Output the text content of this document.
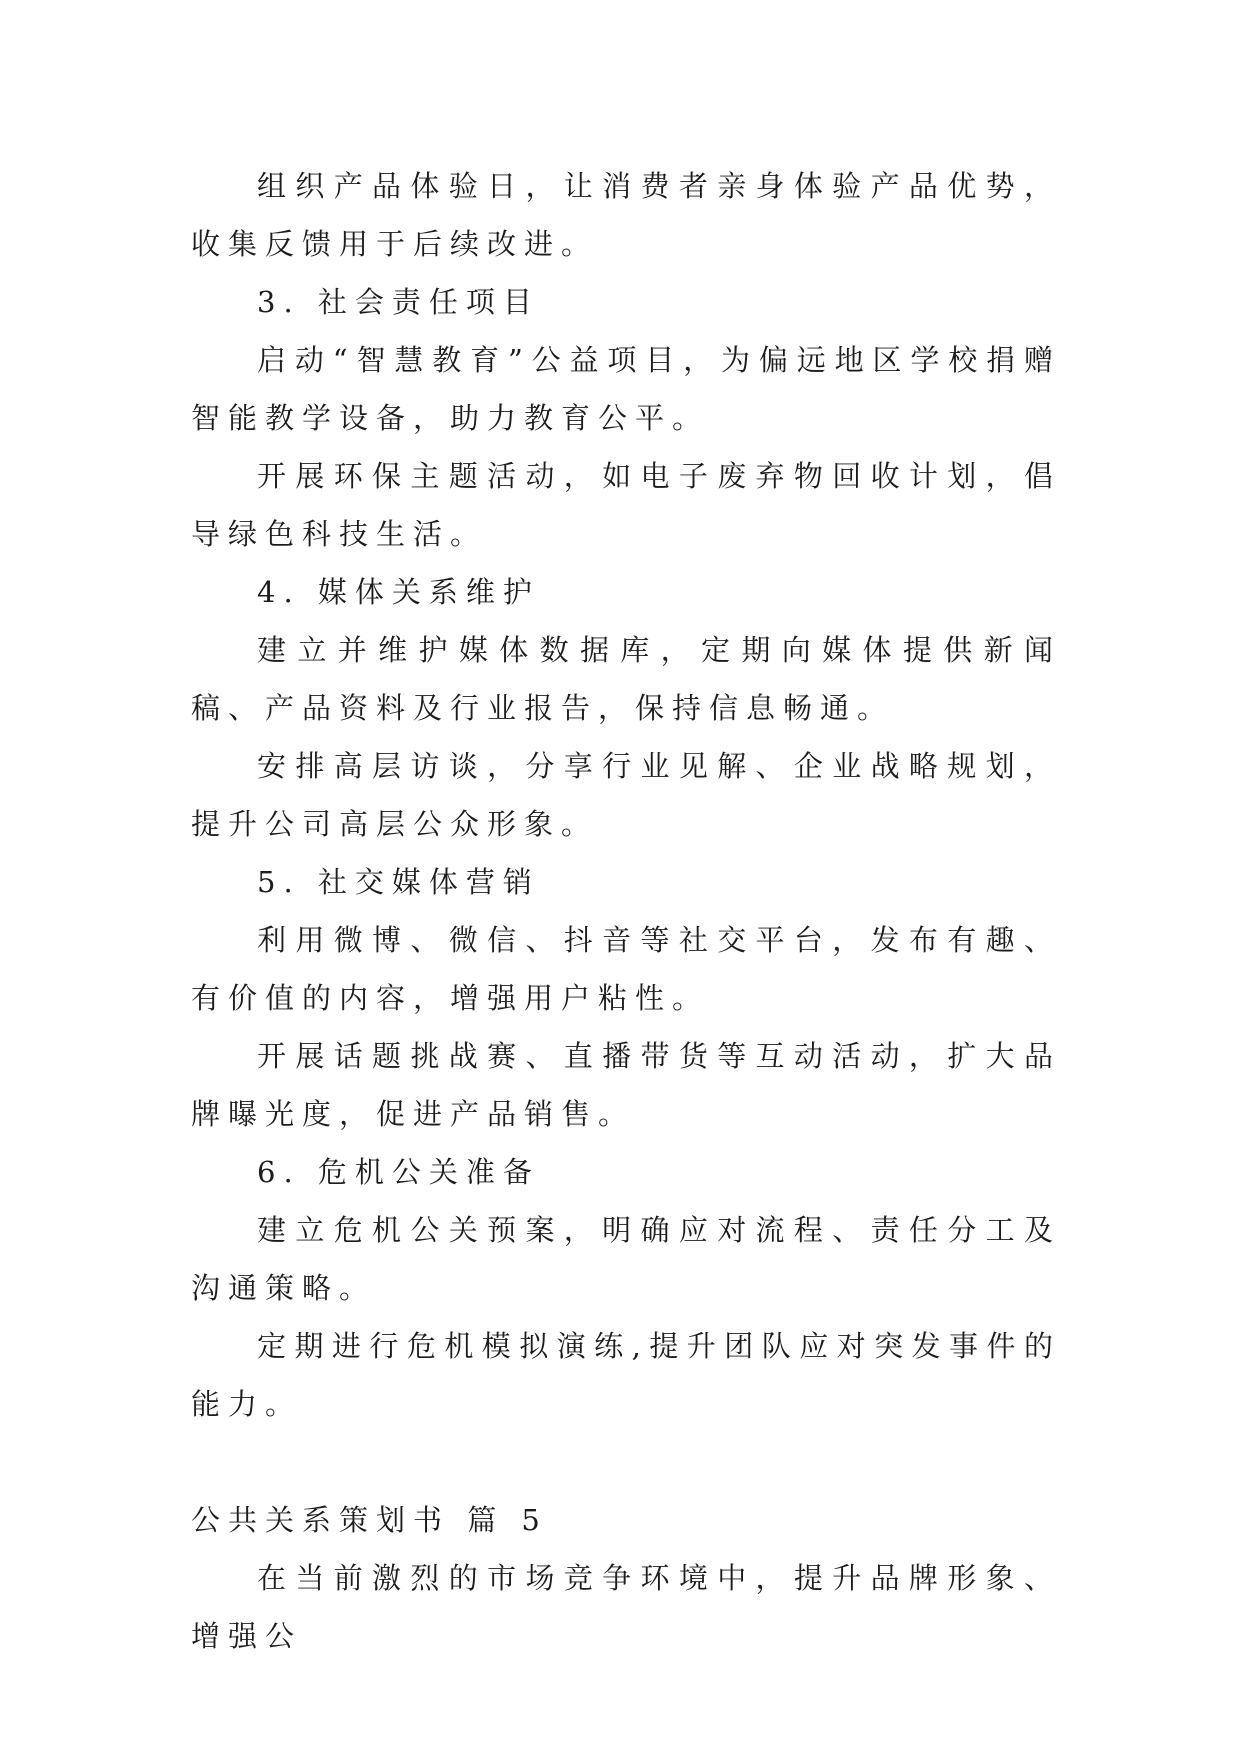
组织产品体验日，让消费者亲身体验产品优势，收集反馈用于后续改进。

3. 社会责任项目

启动“智慧教育”公益项目，为偏远地区学校捐赠智能教学设备，助力教育公平。

开展环保主题活动，如电子废弃物回收计划，倡导绿色科技生活。

4. 媒体关系维护

建立并维护媒体数据库，定期向媒体提供新闻稿、产品资料及行业报告，保持信息畅通。

安排高层访谈，分享行业见解、企业战略规划，提升公司高层公众形象。

5. 社交媒体营销

利用微博、微信、抖音等社交平台，发布有趣、有价值的内容，增强用户粘性。

开展话题挑战赛、直播带货等互动活动，扩大品牌曝光度，促进产品销售。

6. 危机公关准备

建立危机公关预案，明确应对流程、责任分工及沟通策略。

定期进行危机模拟演练,提升团队应对突发事件的能力。

公共关系策划书 篇 5

在当前激烈的市场竞争环境中，提升品牌形象、增强公
